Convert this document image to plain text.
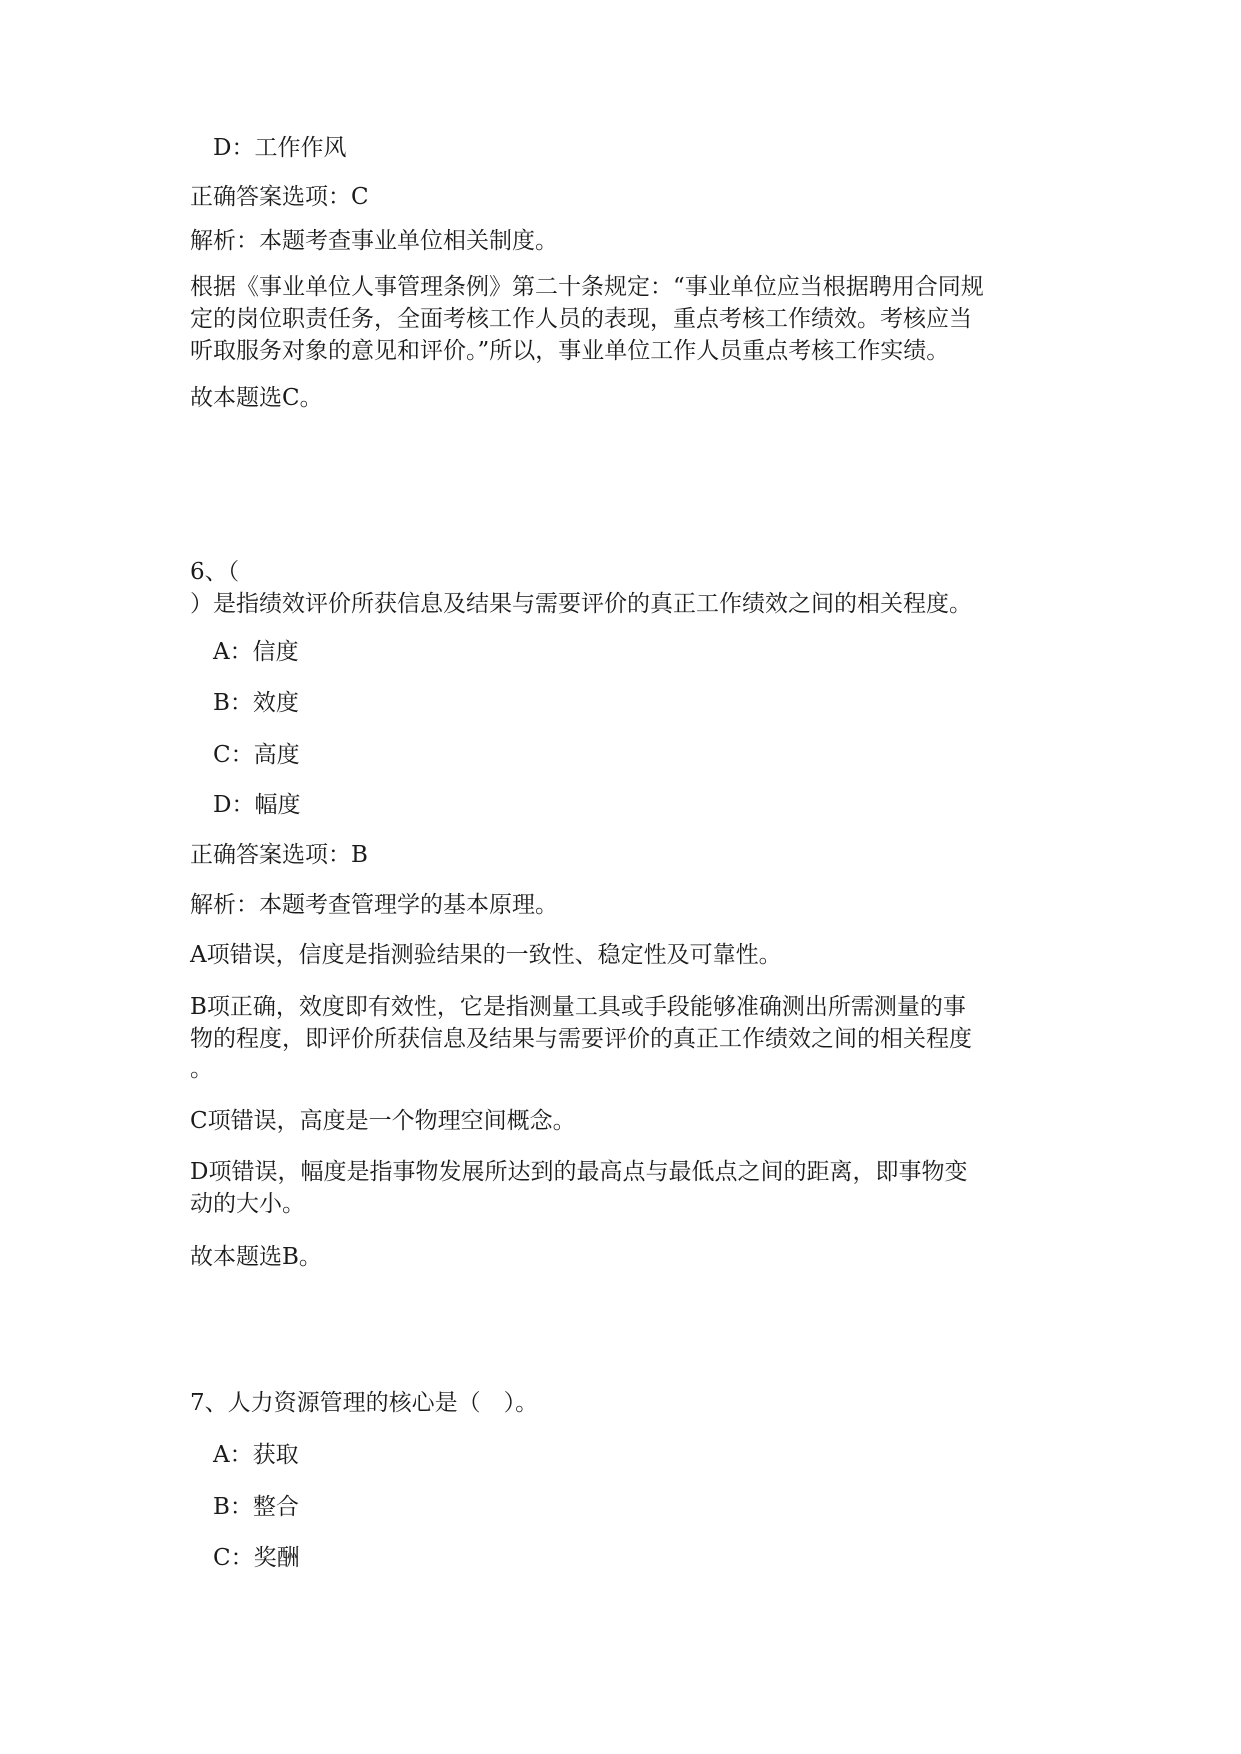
D：工作作风
正确答案选项：C
解析：本题考查事业单位相关制度。
根据《事业单位人事管理条例》第二十条规定：“事业单位应当根据聘用合同规
定的岗位职责任务，全面考核工作人员的表现，重点考核工作绩效。考核应当
听取服务对象的意见和评价。”所以，事业单位工作人员重点考核工作实绩。
故本题选C。
6、（
）是指绩效评价所获信息及结果与需要评价的真正工作绩效之间的相关程度。
A：信度
B：效度
C：高度
D：幅度
正确答案选项：B
解析：本题考查管理学的基本原理。
A项错误，信度是指测验结果的一致性、稳定性及可靠性。
B项正确，效度即有效性，它是指测量工具或手段能够准确测出所需测量的事
物的程度，即评价所获信息及结果与需要评价的真正工作绩效之间的相关程度
。
C项错误，高度是一个物理空间概念。
D项错误，幅度是指事物发展所达到的最高点与最低点之间的距离，即事物变
动的大小。
故本题选B。
7、人力资源管理的核心是（　）。
A：获取
B：整合
C：奖酬
